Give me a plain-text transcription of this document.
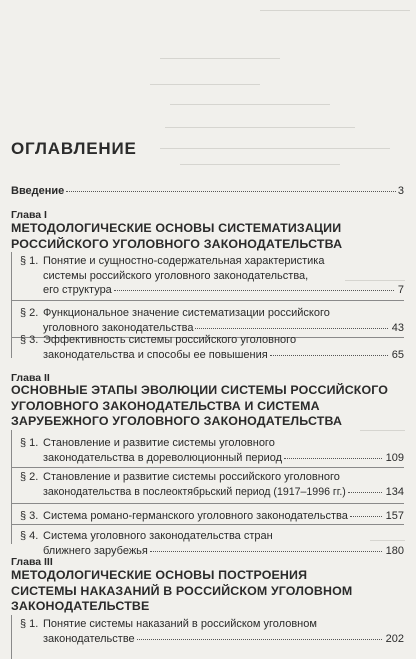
ОГЛАВЛЕНИЕ
Введение	3
Глава I
МЕТОДОЛОГИЧЕСКИЕ ОСНОВЫ СИСТЕМАТИЗАЦИИ
РОССИЙСКОГО УГОЛОВНОГО ЗАКОНОДАТЕЛЬСТВА
§ 1. Понятие и сущностно-содержательная характеристика
системы российского уголовного законодательства,
его структура	7
§ 2. Функциональное значение систематизации российского
уголовного законодательства	43
§ 3. Эффективность системы российского уголовного
законодательства и способы ее повышения	65
Глава II
ОСНОВНЫЕ ЭТАПЫ ЭВОЛЮЦИИ СИСТЕМЫ РОССИЙСКОГО
УГОЛОВНОГО ЗАКОНОДАТЕЛЬСТВА И СИСТЕМА
ЗАРУБЕЖНОГО УГОЛОВНОГО ЗАКОНОДАТЕЛЬСТВА
§ 1. Становление и развитие системы уголовного
законодательства в дореволюционный период	109
§ 2. Становление и развитие системы российского уголовного
законодательства в послеоктябрьский период (1917–1996 гг.)	134
§ 3. Система романо-германского уголовного законодательства	157
§ 4. Система уголовного законодательства стран
ближнего зарубежья	180
Глава III
МЕТОДОЛОГИЧЕСКИЕ ОСНОВЫ ПОСТРОЕНИЯ
СИСТЕМЫ НАКАЗАНИЙ В РОССИЙСКОМ УГОЛОВНОМ
ЗАКОНОДАТЕЛЬСТВЕ
§ 1. Понятие системы наказаний в российском уголовном
законодательстве	202
